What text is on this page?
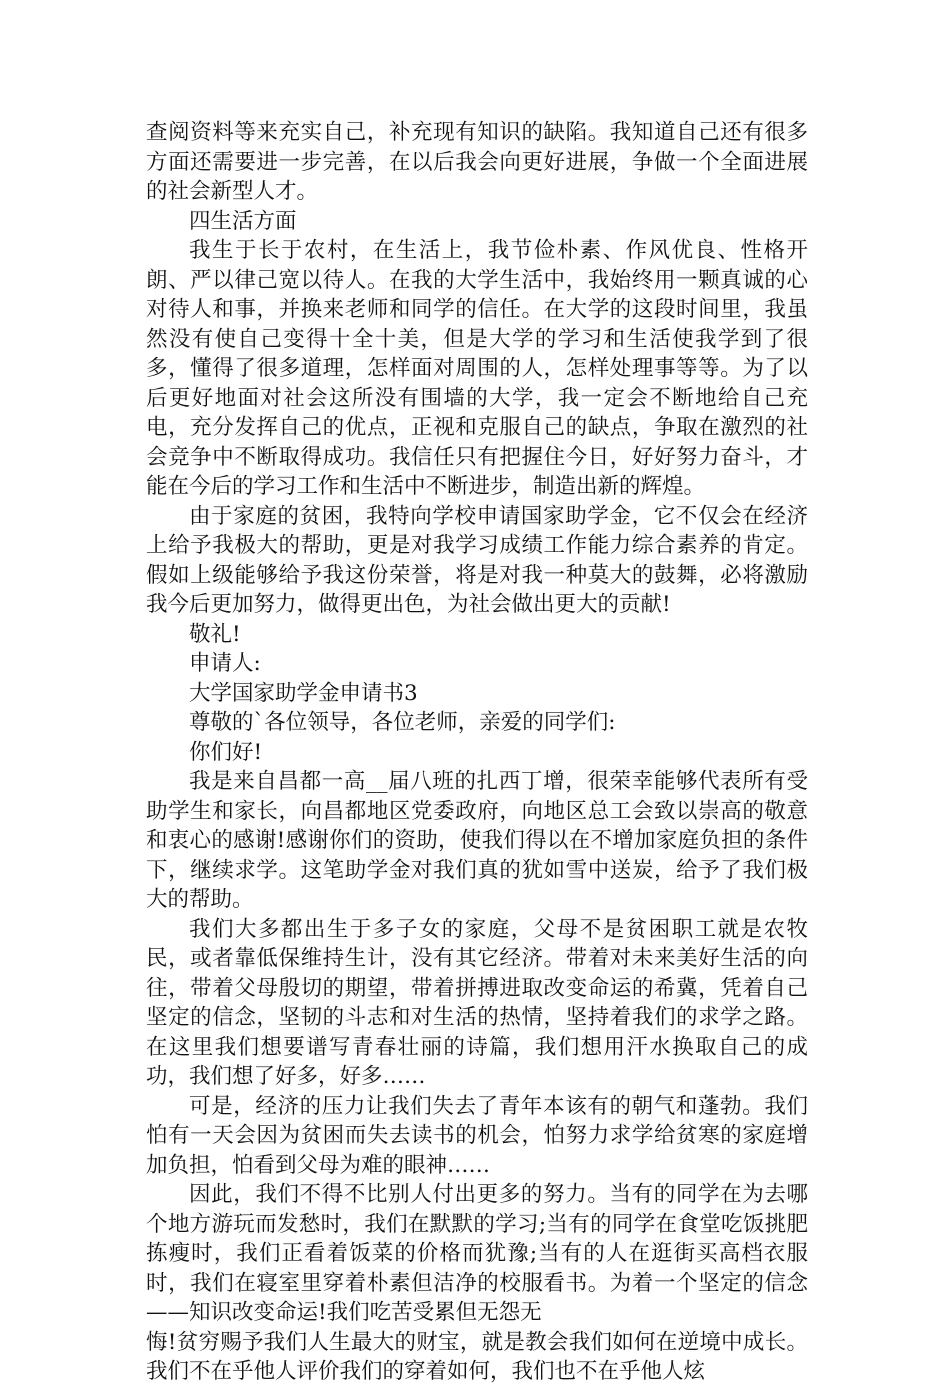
查阅资料等来充实自己，补充现有知识的缺陷。我知道自己还有很多方面还需要进一步完善，在以后我会向更好进展，争做一个全面进展的社会新型人才。

四生活方面

我生于长于农村，在生活上，我节俭朴素、作风优良、性格开朗、严以律己宽以待人。在我的大学生活中，我始终用一颗真诚的心对待人和事，并换来老师和同学的信任。在大学的这段时间里，我虽然没有使自己变得十全十美，但是大学的学习和生活使我学到了很多，懂得了很多道理，怎样面对周围的人，怎样处理事等等。为了以后更好地面对社会这所没有围墙的大学，我一定会不断地给自己充电，充分发挥自己的优点，正视和克服自己的缺点，争取在激烈的社会竞争中不断取得成功。我信任只有把握住今日，好好努力奋斗，才能在今后的学习工作和生活中不断进步，制造出新的辉煌。

由于家庭的贫困，我特向学校申请国家助学金，它不仅会在经济上给予我极大的帮助，更是对我学习成绩工作能力综合素养的肯定。假如上级能够给予我这份荣誉，将是对我一种莫大的鼓舞，必将激励我今后更加努力，做得更出色，为社会做出更大的贡献!

敬礼!

申请人:

大学国家助学金申请书3

尊敬的`各位领导，各位老师，亲爱的同学们:

你们好!

我是来自昌都一高__届八班的扎西丁增，很荣幸能够代表所有受助学生和家长，向昌都地区党委政府，向地区总工会致以崇高的敬意和衷心的感谢!感谢你们的资助，使我们得以在不增加家庭负担的条件下，继续求学。这笔助学金对我们真的犹如雪中送炭，给予了我们极大的帮助。

我们大多都出生于多子女的家庭，父母不是贫困职工就是农牧民，或者靠低保维持生计，没有其它经济。带着对未来美好生活的向往，带着父母殷切的期望，带着拼搏进取改变命运的希冀，凭着自己坚定的信念，坚韧的斗志和对生活的热情，坚持着我们的求学之路。在这里我们想要谱写青春壮丽的诗篇，我们想用汗水换取自己的成功，我们想了好多，好多……

可是，经济的压力让我们失去了青年本该有的朝气和蓬勃。我们怕有一天会因为贫困而失去读书的机会，怕努力求学给贫寒的家庭增加负担，怕看到父母为难的眼神……

因此，我们不得不比别人付出更多的努力。当有的同学在为去哪个地方游玩而发愁时，我们在默默的学习;当有的同学在食堂吃饭挑肥拣瘦时，我们正看着饭菜的价格而犹豫;当有的人在逛街买高档衣服时，我们在寝室里穿着朴素但洁净的校服看书。为着一个坚定的信念——知识改变命运!我们吃苦受累但无怨无

悔!贫穷赐予我们人生最大的财宝，就是教会我们如何在逆境中成长。我们不在乎他人评价我们的穿着如何，我们也不在乎他人炫
